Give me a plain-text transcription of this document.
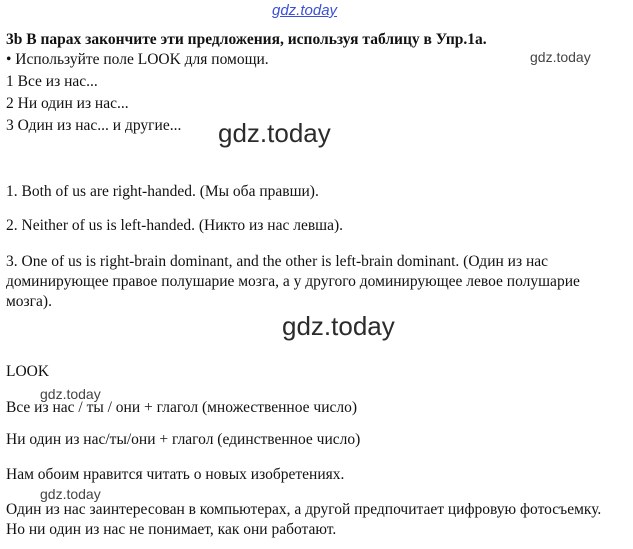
gdz.today
gdz.today
gdz.today
gdz.today
gdz.today
gdz.today
3b В парах закончите эти предложения, используя таблицу в Упр.1а.
• Используйте поле LOOK для помощи.
1 Все из нас...
2 Ни один из нас...
3 Один из нас... и другие...
1. Both of us are right-handed. (Мы оба правши).
2. Neither of us is left-handed. (Никто из нас левша).
3. One of us is right-brain dominant, and the other is left-brain dominant. (Один из нас доминирующее правое полушарие мозга, а у другого доминирующее левое полушарие мозга).
LOOK
Все из нас / ты / они + глагол (множественное число)
Ни один из нас/ты/они + глагол (единственное число)
Нам обоим нравится читать о новых изобретениях.
Один из нас заинтересован в компьютерах, а другой предпочитает цифровую фотосъемку. Но ни один из нас не понимает, как они работают.
